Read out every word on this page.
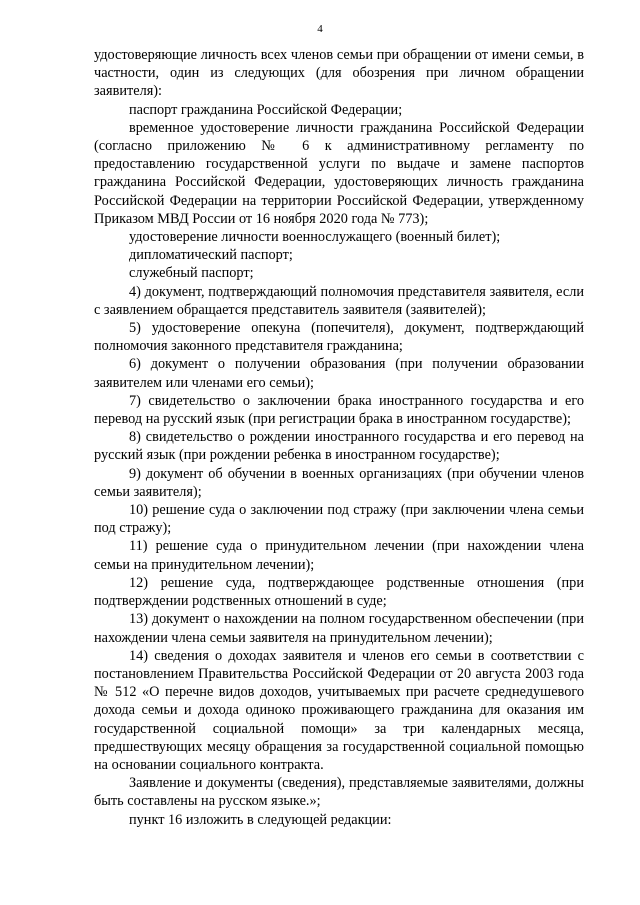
4

удостоверяющие личность всех членов семьи при обращении от имени семьи, в частности, один из следующих (для обозрения при личном обращении заявителя):

паспорт гражданина Российской Федерации;

временное удостоверение личности гражданина Российской Федерации (согласно приложению № 6 к административному регламенту по предоставлению государственной услуги по выдаче и замене паспортов гражданина Российской Федерации, удостоверяющих личность гражданина Российской Федерации на территории Российской Федерации, утвержденному Приказом МВД России от 16 ноября 2020 года № 773);

удостоверение личности военнослужащего (военный билет);

дипломатический паспорт;

служебный паспорт;

4) документ, подтверждающий полномочия представителя заявителя, если с заявлением обращается представитель заявителя (заявителей);

5) удостоверение опекуна (попечителя), документ, подтверждающий полномочия законного представителя гражданина;

6) документ о получении образования (при получении образовании заявителем или членами его семьи);

7) свидетельство о заключении брака иностранного государства и его перевод на русский язык (при регистрации брака в иностранном государстве);

8) свидетельство о рождении иностранного государства и его перевод на русский язык (при рождении ребенка в иностранном государстве);

9) документ об обучении в военных организациях (при обучении членов семьи заявителя);

10) решение суда о заключении под стражу (при заключении члена семьи под стражу);

11) решение суда о принудительном лечении (при нахождении члена семьи на принудительном лечении);

12) решение суда, подтверждающее родственные отношения (при подтверждении родственных отношений в суде;

13) документ о нахождении на полном государственном обеспечении (при нахождении члена семьи заявителя на принудительном лечении);

14) сведения о доходах заявителя и членов его семьи в соответствии с постановлением Правительства Российской Федерации от 20 августа 2003 года № 512 «О перечне видов доходов, учитываемых при расчете среднедушевого дохода семьи и дохода одиноко проживающего гражданина для оказания им государственной социальной помощи» за три календарных месяца, предшествующих месяцу обращения за государственной социальной помощью на основании социального контракта.

Заявление и документы (сведения), представляемые заявителями, должны быть составлены на русском языке.»;

пункт 16 изложить в следующей редакции:
